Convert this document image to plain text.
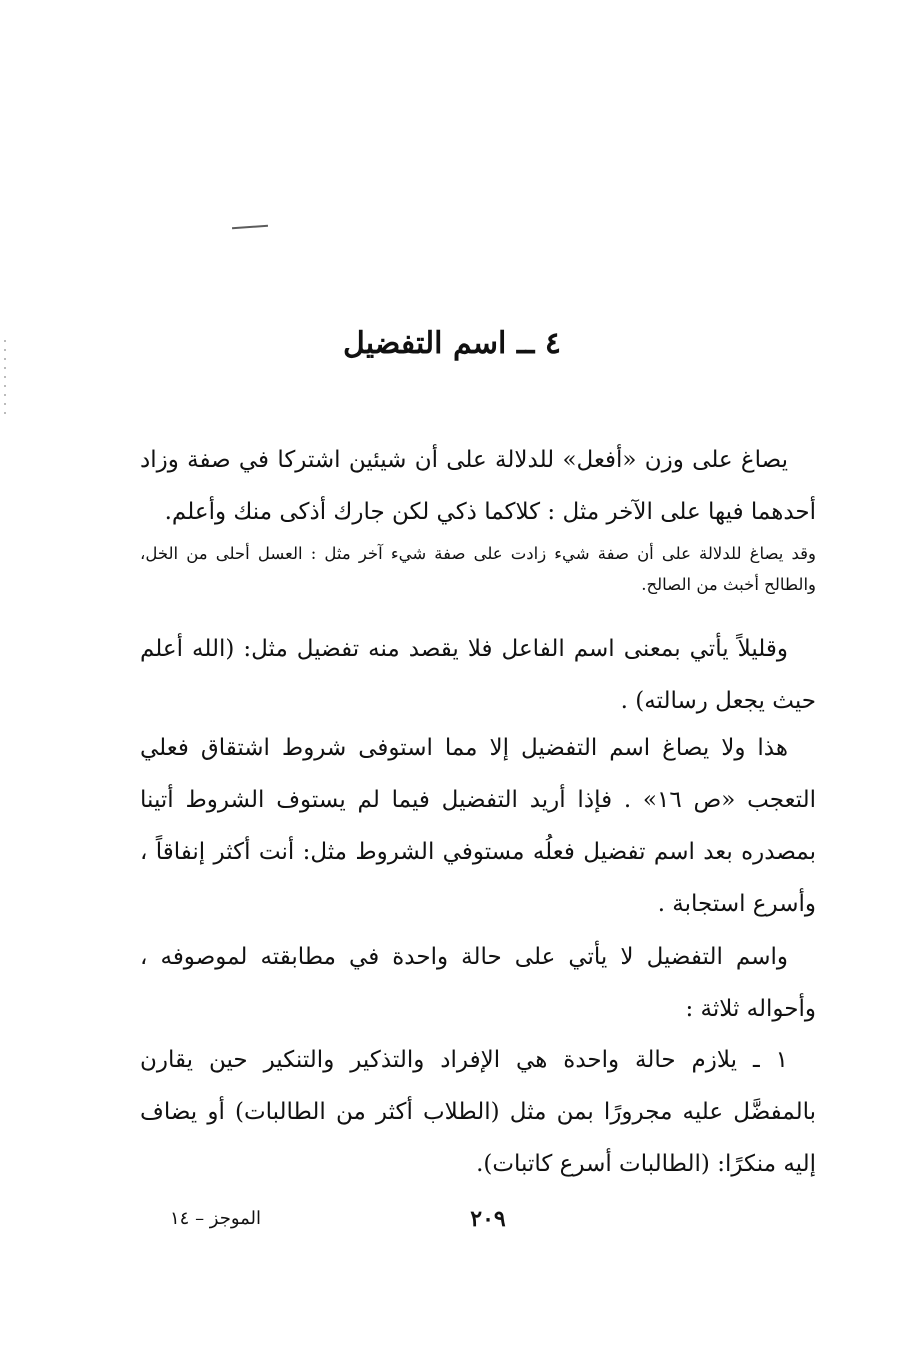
٤ ــ اسم التفضيل

يصاغ على وزن «أفعل» للدلالة على أن شيئين اشتركا في صفة وزاد أحدهما فيها على الآخر مثل : كلاكما ذكي لكن جارك أذكى منك وأعلم.

وقد يصاغ للدلالة على أن صفة شيء زادت على صفة شيء آخر مثل : العسل أحلى من الخل، والطالح أخبث من الصالح.

وقليلاً يأتي بمعنى اسم الفاعل فلا يقصد منه تفضيل مثل: (الله أعلم حيث يجعل رسالته) .

هذا ولا يصاغ اسم التفضيل إلا مما استوفى شروط اشتقاق فعلي التعجب «ص ١٦» . فإذا أريد التفضيل فيما لم يستوف الشروط أتينا بمصدره بعد اسم تفضيل فعلُه مستوفي الشروط مثل: أنت أكثر إنفاقاً ، وأسرع استجابة .

واسم التفضيل لا يأتي على حالة واحدة في مطابقته لموصوفه ، وأحواله ثلاثة :

١ ـ يلازم حالة واحدة هي الإفراد والتذكير والتنكير حين يقارن بالمفضَّل عليه مجرورًا بمن مثل (الطلاب أكثر من الطالبات) أو يضاف إليه منكرًا: (الطالبات أسرع كاتبات).

٢٠٩
الموجز – ١٤
